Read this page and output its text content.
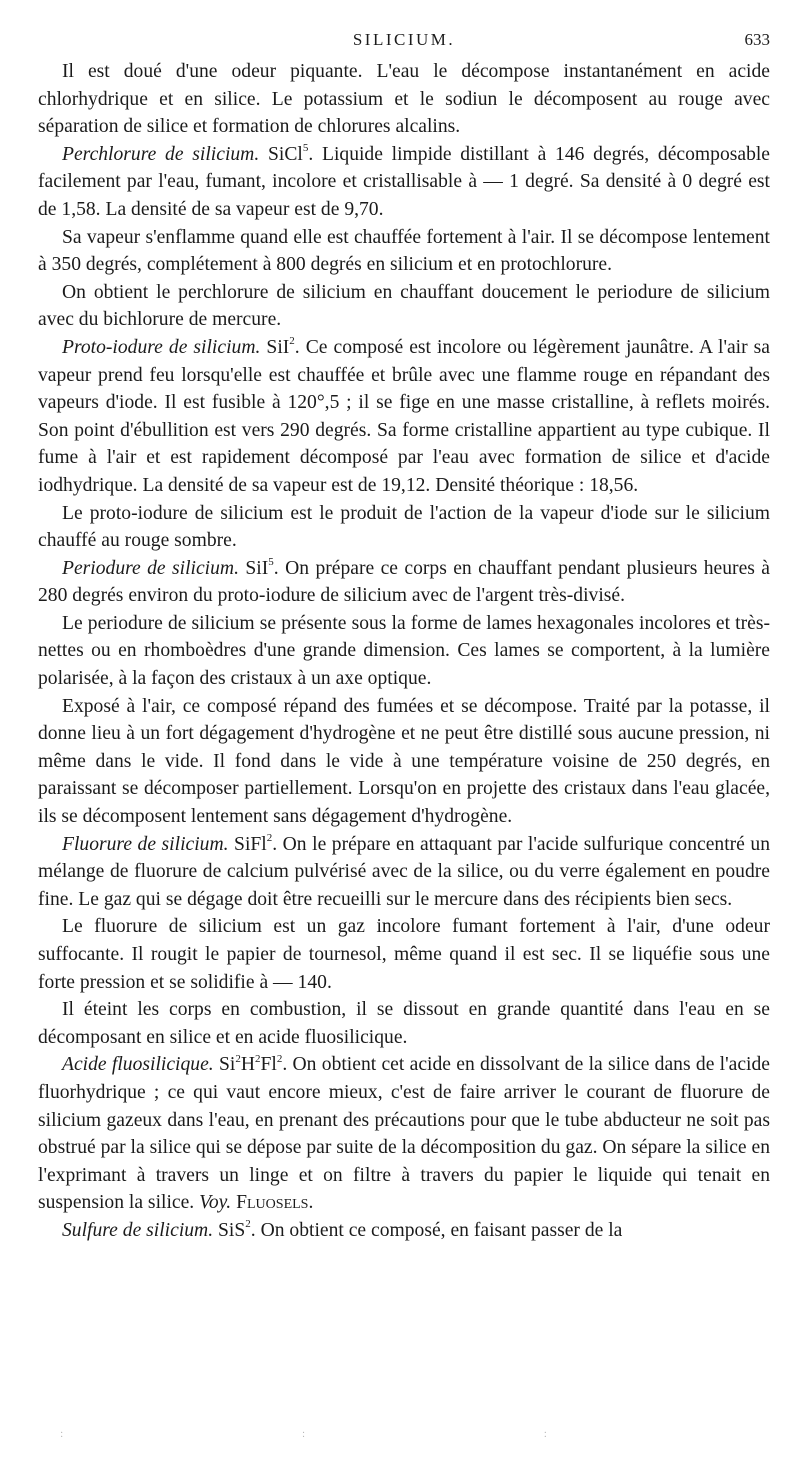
SILICIUM.	633

Il est doué d'une odeur piquante. L'eau le décompose instantanément en acide chlorhydrique et en silice. Le potassium et le sodiun le décomposent au rouge avec séparation de silice et formation de chlorures alcalins.

Perchlorure de silicium. SiCl$^5$. Liquide limpide distillant à 146 degrés, décomposable facilement par l'eau, fumant, incolore et cristallisable à — 1 degré. Sa densité à 0 degré est de 1,58. La densité de sa vapeur est de 9,70.

Sa vapeur s'enflamme quand elle est chauffée fortement à l'air. Il se décompose lentement à 350 degrés, complétement à 800 degrés en silicium et en protochlorure.

On obtient le perchlorure de silicium en chauffant doucement le periodure de silicium avec du bichlorure de mercure.

Proto-iodure de silicium. SiI$^2$. Ce composé est incolore ou légèrement jaunâtre. A l'air sa vapeur prend feu lorsqu'elle est chauffée et brûle avec une flamme rouge en répandant des vapeurs d'iode. Il est fusible à 120°,5 ; il se fige en une masse cristalline, à reflets moirés. Son point d'ébullition est vers 290 degrés. Sa forme cristalline appartient au type cubique. Il fume à l'air et est rapidement décomposé par l'eau avec formation de silice et d'acide iodhydrique. La densité de sa vapeur est de 19,12. Densité théorique : 18,56.

Le proto-iodure de silicium est le produit de l'action de la vapeur d'iode sur le silicium chauffé au rouge sombre.

Periodure de silicium. SiI$^5$. On prépare ce corps en chauffant pendant plusieurs heures à 280 degrés environ du proto-iodure de silicium avec de l'argent très-divisé.

Le periodure de silicium se présente sous la forme de lames hexagonales incolores et très-nettes ou en rhomboèdres d'une grande dimension. Ces lames se comportent, à la lumière polarisée, à la façon des cristaux à un axe optique.

Exposé à l'air, ce composé répand des fumées et se décompose. Traité par la potasse, il donne lieu à un fort dégagement d'hydrogène et ne peut être distillé sous aucune pression, ni même dans le vide. Il fond dans le vide à une température voisine de 250 degrés, en paraissant se décomposer partiellement. Lorsqu'on en projette des cristaux dans l'eau glacée, ils se décomposent lentement sans dégagement d'hydrogène.

Fluorure de silicium. SiFl$^2$. On le prépare en attaquant par l'acide sulfurique concentré un mélange de fluorure de calcium pulvérisé avec de la silice, ou du verre également en poudre fine. Le gaz qui se dégage doit être recueilli sur le mercure dans des récipients bien secs.

Le fluorure de silicium est un gaz incolore fumant fortement à l'air, d'une odeur suffocante. Il rougit le papier de tournesol, même quand il est sec. Il se liquéfie sous une forte pression et se solidifie à — 140.

Il éteint les corps en combustion, il se dissout en grande quantité dans l'eau en se décomposant en silice et en acide fluosilicique.

Acide fluosilicique. $Si^2H^2Fl^2$. On obtient cet acide en dissolvant de la silice dans de l'acide fluorhydrique ; ce qui vaut encore mieux, c'est de faire arriver le courant de fluorure de silicium gazeux dans l'eau, en prenant des précautions pour que le tube abducteur ne soit pas obstrué par la silice qui se dépose par suite de la décomposition du gaz. On sépare la silice en l'exprimant à travers un linge et on filtre à travers du papier le liquide qui tenait en suspension la silice. Voy. Fluosels.

Sulfure de silicium. SiS$^2$. On obtient ce composé, en faisant passer de la

· · · · · ·
